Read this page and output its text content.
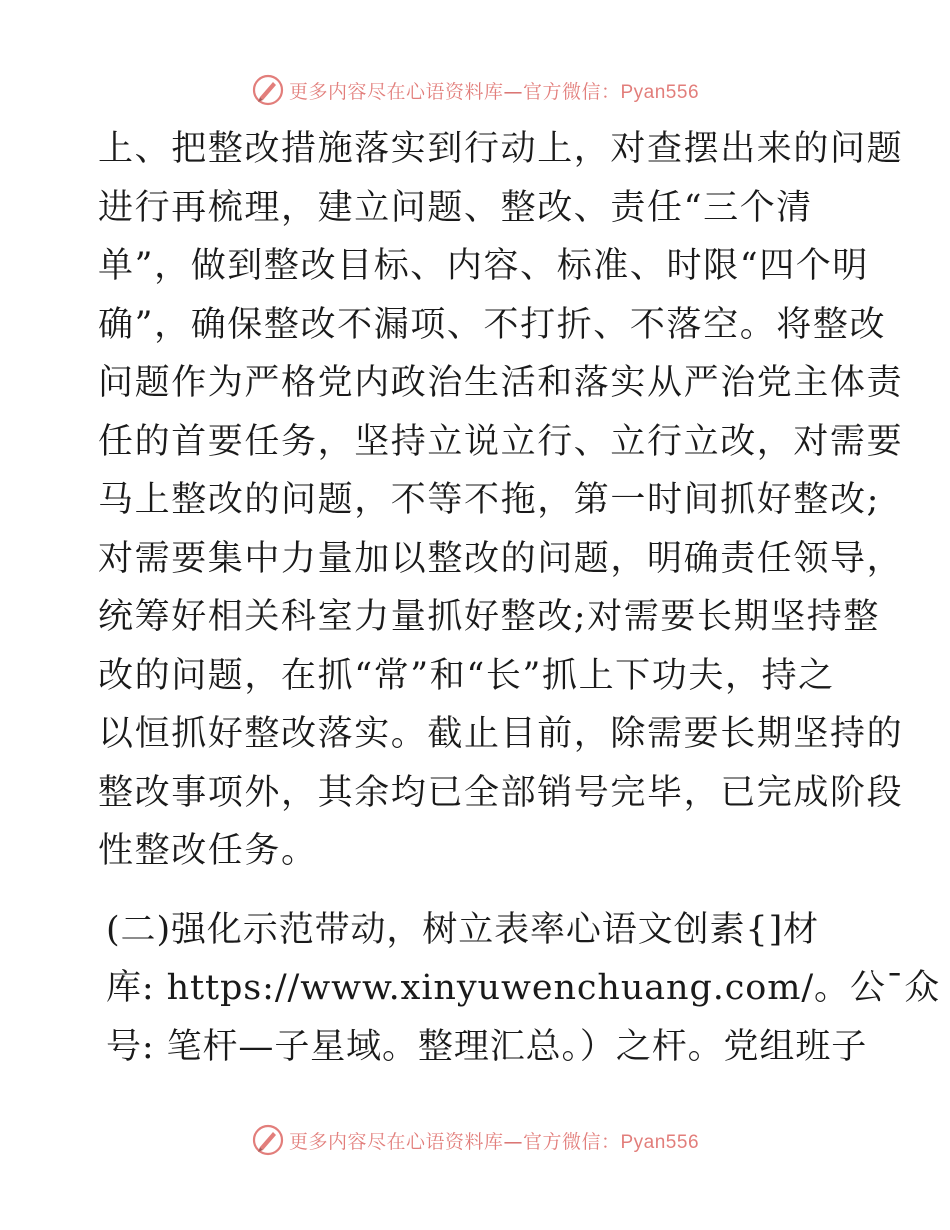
更多内容尽在心语资料库—官方微信：Pyan556
上、把整改措施落实到行动上，对查摆出来的问题
进行再梳理，建立问题、整改、责任“三个清
单”，做到整改目标、内容、标准、时限“四个明
确”，确保整改不漏项、不打折、不落空。将整改
问题作为严格党内政治生活和落实从严治党主体责
任的首要任务，坚持立说立行、立行立改，对需要
马上整改的问题，不等不拖，第一时间抓好整改;
对需要集中力量加以整改的问题，明确责任领导，
统筹好相关科室力量抓好整改;对需要长期坚持整
改的问题，在抓“常”和“长”抓上下功夫，持之
以恒抓好整改落实。截止目前，除需要长期坚持的
整改事项外，其余均已全部销号完毕，已完成阶段
性整改任务。
(二)强化示范带动，树立表率心语文创素{]材
库: https://www.xinyuwenchuang.com/。公¯众
号: 笔杆—子星域。整理汇总。）之杆。党组班子
更多内容尽在心语资料库—官方微信：Pyan556
